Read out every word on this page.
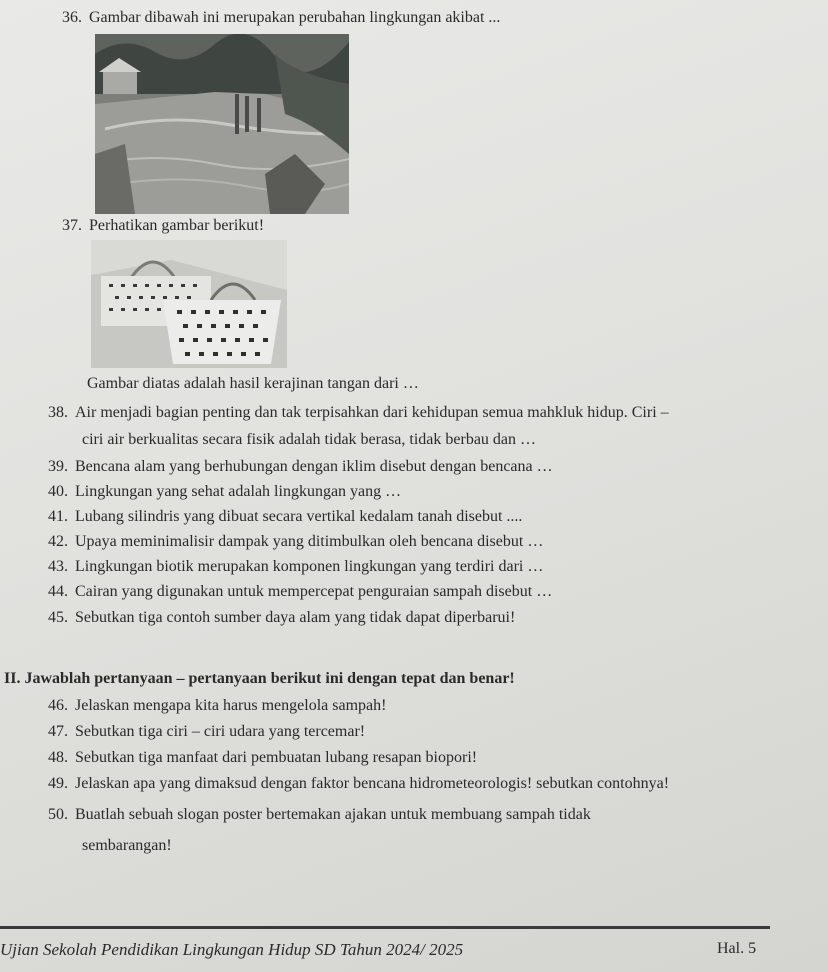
36. Gambar dibawah ini merupakan perubahan lingkungan akibat ...
37. Perhatikan gambar berikut!
Gambar diatas adalah hasil kerajinan tangan dari …
38. Air menjadi bagian penting dan tak terpisahkan dari kehidupan semua mahkluk hidup. Ciri –
ciri air berkualitas secara fisik adalah tidak berasa, tidak berbau dan …
39. Bencana alam yang berhubungan dengan iklim disebut dengan bencana …
40. Lingkungan yang sehat adalah lingkungan yang …
41. Lubang silindris yang dibuat secara vertikal kedalam tanah disebut ....
42. Upaya meminimalisir dampak yang ditimbulkan oleh bencana disebut …
43. Lingkungan biotik merupakan komponen lingkungan yang terdiri dari …
44. Cairan yang digunakan untuk mempercepat penguraian sampah disebut …
45. Sebutkan tiga contoh sumber daya alam yang tidak dapat diperbarui!
II. Jawablah pertanyaan – pertanyaan berikut ini dengan tepat dan benar!
46. Jelaskan mengapa kita harus mengelola sampah!
47. Sebutkan tiga ciri – ciri udara yang tercemar!
48. Sebutkan tiga manfaat dari pembuatan lubang resapan biopori!
49. Jelaskan apa yang dimaksud dengan faktor bencana hidrometeorologis! sebutkan contohnya!
50. Buatlah sebuah slogan poster bertemakan ajakan untuk membuang sampah tidak
sembarangan!
Ujian Sekolah Pendidikan Lingkungan Hidup SD Tahun 2024/ 2025	Hal. 5
